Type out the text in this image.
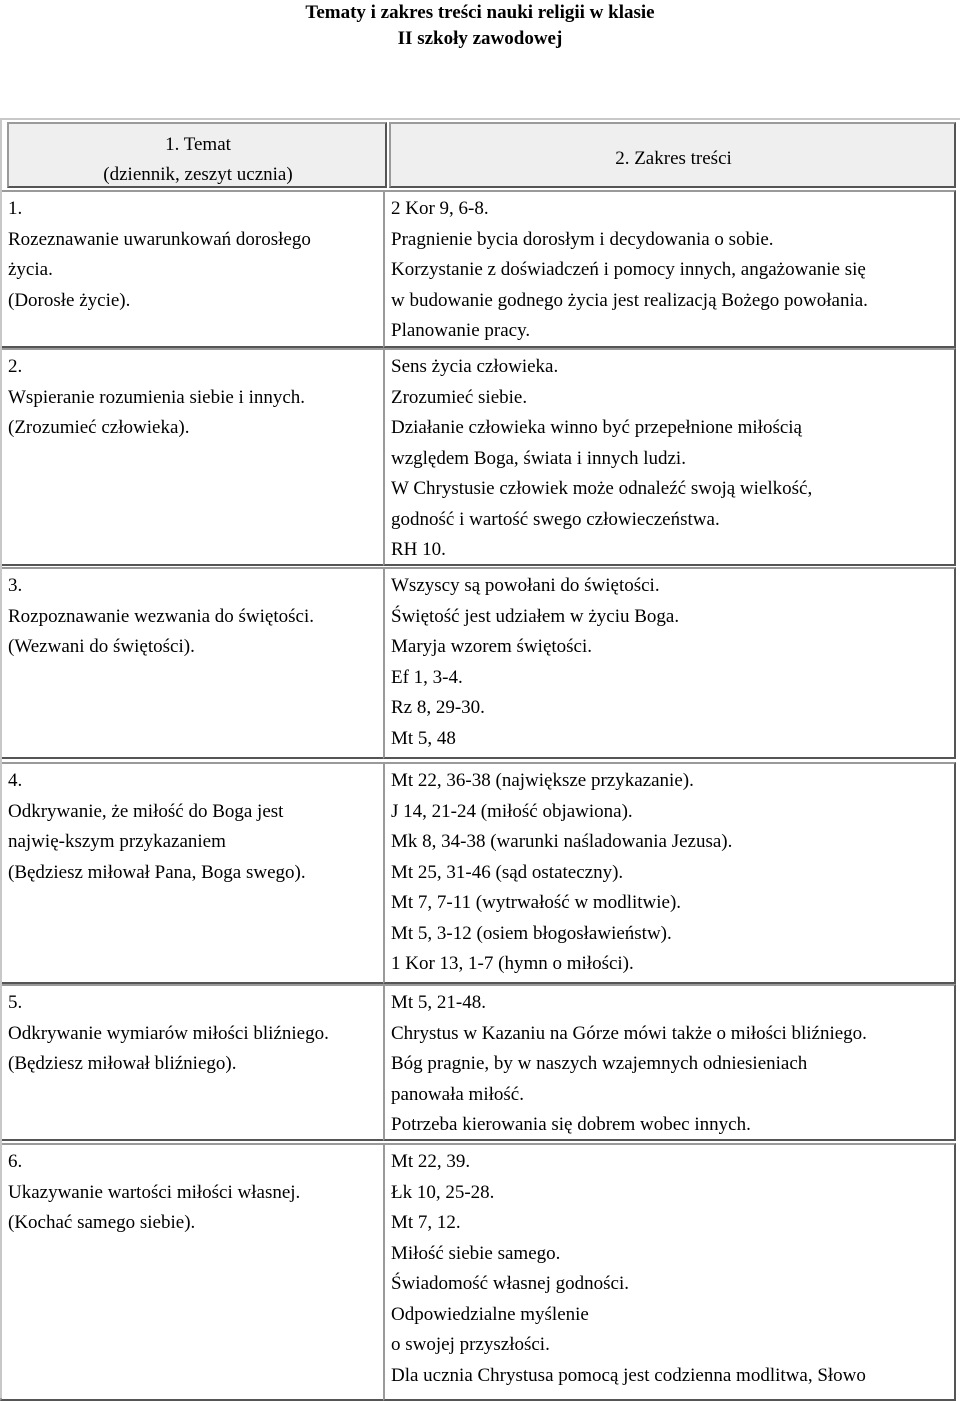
Tematy i zakres treści nauki religii w klasie
II szkoły zawodowej
1. Temat
(dziennik, zeszyt ucznia)
2. Zakres treści
1.
Rozeznawanie uwarunkowań dorosłego
życia.
(Dorosłe życie).
2 Kor 9, 6-8.
Pragnienie bycia dorosłym i decydowania o sobie.
Korzystanie z doświadczeń i pomocy innych, angażowanie się
w budowanie godnego życia jest realizacją Bożego powołania.
Planowanie pracy.
2.
Wspieranie rozumienia siebie i innych.
(Zrozumieć człowieka).
Sens życia człowieka.
Zrozumieć siebie.
Działanie człowieka winno być przepełnione miłością
względem Boga, świata i innych ludzi.
W Chrystusie człowiek może odnaleźć swoją wielkość,
godność i wartość swego człowieczeństwa.
RH 10.
3.
Rozpoznawanie wezwania do świętości.
(Wezwani do świętości).
Wszyscy są powołani do świętości.
Świętość jest udziałem w życiu Boga.
Maryja wzorem świętości.
Ef 1, 3-4.
Rz 8, 29-30.
Mt 5, 48
4.
Odkrywanie, że miłość do Boga jest
najwię-kszym przykazaniem
(Będziesz miłował Pana, Boga swego).
Mt 22, 36-38 (największe przykazanie).
J 14, 21-24 (miłość objawiona).
Mk 8, 34-38 (warunki naśladowania Jezusa).
Mt 25, 31-46 (sąd ostateczny).
Mt 7, 7-11 (wytrwałość w modlitwie).
Mt 5, 3-12 (osiem błogosławieństw).
1 Kor 13, 1-7 (hymn o miłości).
5.
Odkrywanie wymiarów miłości bliźniego.
(Będziesz miłował bliźniego).
Mt 5, 21-48.
Chrystus w Kazaniu na Górze mówi także o miłości bliźniego.
Bóg pragnie, by w naszych wzajemnych odniesieniach
panowała miłość.
Potrzeba kierowania się dobrem wobec innych.
6.
Ukazywanie wartości miłości własnej.
(Kochać samego siebie).
Mt 22, 39.
Łk 10, 25-28.
Mt 7, 12.
Miłość siebie samego.
Świadomość własnej godności.
Odpowiedzialne myślenie
o swojej przyszłości.
Dla ucznia Chrystusa pomocą jest codzienna modlitwa, Słowo
